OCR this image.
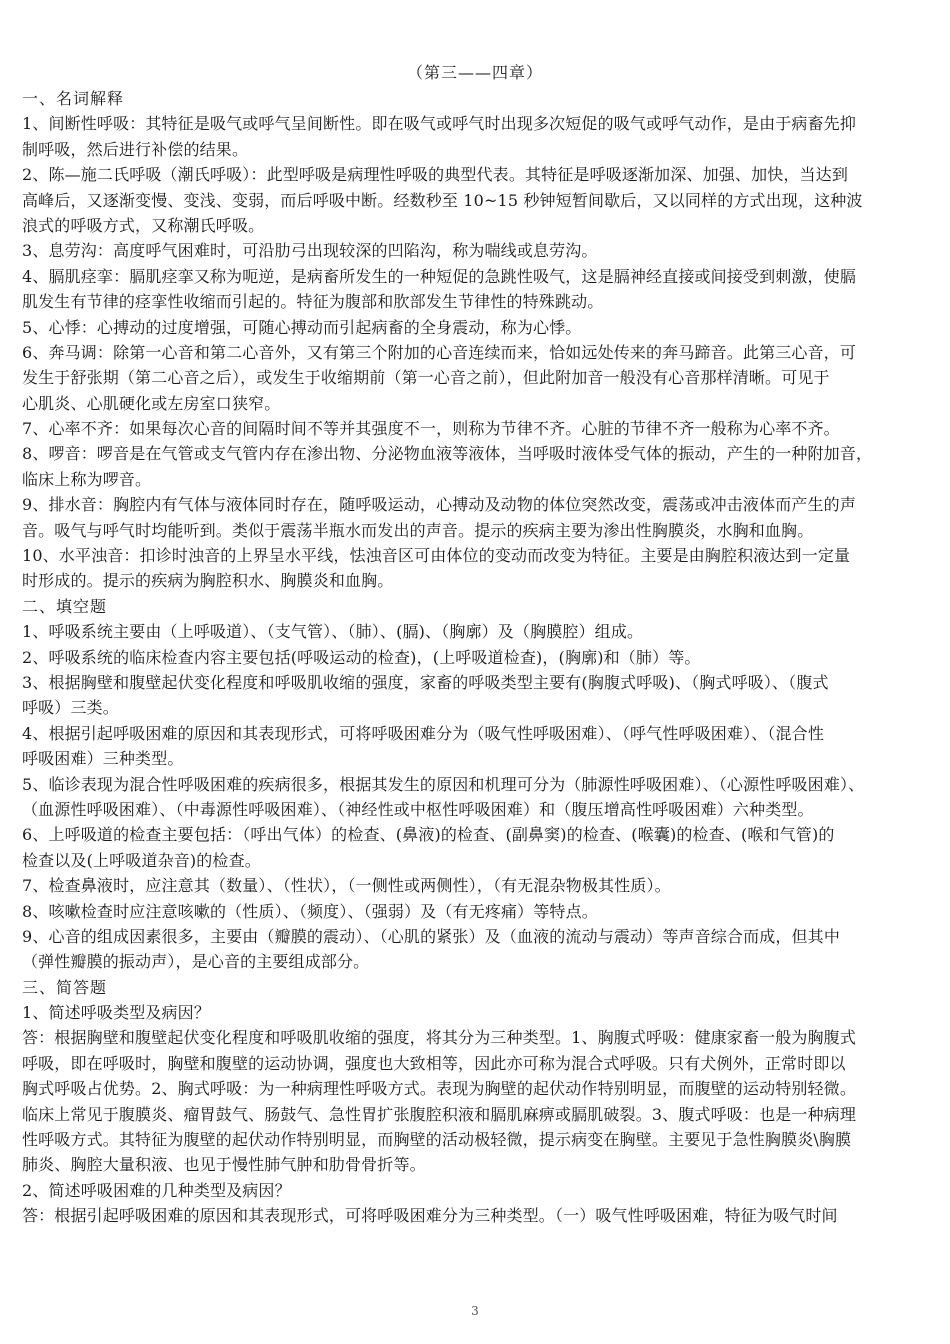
（第三——四章）
一、名词解释
1、间断性呼吸：其特征是吸气或呼气呈间断性。即在吸气或呼气时出现多次短促的吸气或呼气动作，是由于病畜先抑
制呼吸，然后进行补偿的结果。
2、陈—施二氏呼吸（潮氏呼吸）：此型呼吸是病理性呼吸的典型代表。其特征是呼吸逐渐加深、加强、加快，当达到
高峰后，又逐渐变慢、变浅、变弱，而后呼吸中断。经数秒至 10~15 秒钟短暂间歇后，又以同样的方式出现，这种波
浪式的呼吸方式，又称潮氏呼吸。
3、息劳沟：高度呼气困难时，可沿肋弓出现较深的凹陷沟，称为喘线或息劳沟。
4、膈肌痉挛：膈肌痉挛又称为呃逆，是病畜所发生的一种短促的急跳性吸气，这是膈神经直接或间接受到刺激，使膈
肌发生有节律的痉挛性收缩而引起的。特征为腹部和肷部发生节律性的特殊跳动。
5、心悸：心搏动的过度增强，可随心搏动而引起病畜的全身震动，称为心悸。
6、奔马调：除第一心音和第二心音外，又有第三个附加的心音连续而来，恰如远处传来的奔马蹄音。此第三心音，可
发生于舒张期（第二心音之后），或发生于收缩期前（第一心音之前），但此附加音一般没有心音那样清晰。可见于
心肌炎、心肌硬化或左房室口狭窄。
7、心率不齐：如果每次心音的间隔时间不等并其强度不一，则称为节律不齐。心脏的节律不齐一般称为心率不齐。
8、啰音：啰音是在气管或支气管内存在渗出物、分泌物血液等液体，当呼吸时液体受气体的振动，产生的一种附加音，
临床上称为啰音。
9、排水音：胸腔内有气体与液体同时存在，随呼吸运动，心搏动及动物的体位突然改变，震荡或冲击液体而产生的声
音。吸气与呼气时均能听到。类似于震荡半瓶水而发出的声音。提示的疾病主要为渗出性胸膜炎，水胸和血胸。
10、水平浊音：扣诊时浊音的上界呈水平线，怯浊音区可由体位的变动而改变为特征。主要是由胸腔积液达到一定量
时形成的。提示的疾病为胸腔积水、胸膜炎和血胸。
二、填空题
1、呼吸系统主要由（上呼吸道）、（支气管）、（肺）、(膈)、（胸廓）及（胸膜腔）组成。
2、呼吸系统的临床检查内容主要包括(呼吸运动的检查)，(上呼吸道检查)，(胸廓)和（肺）等。
3、根据胸壁和腹壁起伏变化程度和呼吸肌收缩的强度，家畜的呼吸类型主要有(胸腹式呼吸)、（胸式呼吸）、（腹式
呼吸）三类。
4、根据引起呼吸困难的原因和其表现形式，可将呼吸困难分为（吸气性呼吸困难）、（呼气性呼吸困难）、（混合性
呼吸困难）三种类型。
5、临诊表现为混合性呼吸困难的疾病很多，根据其发生的原因和机理可分为（肺源性呼吸困难）、（心源性呼吸困难）、
（血源性呼吸困难）、（中毒源性呼吸困难）、（神经性或中枢性呼吸困难）和（腹压增高性呼吸困难）六种类型。
6、上呼吸道的检查主要包括：（呼出气体）的检查、(鼻液)的检查、(副鼻窦)的检查、(喉囊)的检查、(喉和气管)的
检查以及(上呼吸道杂音)的检查。
7、检查鼻液时，应注意其（数量）、（性状），（一侧性或两侧性），（有无混杂物极其性质）。
8、咳嗽检查时应注意咳嗽的（性质）、（频度）、（强弱）及（有无疼痛）等特点。
9、心音的组成因素很多，主要由（瓣膜的震动）、（心肌的紧张）及（血液的流动与震动）等声音综合而成，但其中
（弹性瓣膜的振动声），是心音的主要组成部分。
三、简答题
1、简述呼吸类型及病因？
答：根据胸壁和腹壁起伏变化程度和呼吸肌收缩的强度，将其分为三种类型。1、胸腹式呼吸：健康家畜一般为胸腹式
呼吸，即在呼吸时，胸壁和腹壁的运动协调，强度也大致相等，因此亦可称为混合式呼吸。只有犬例外，正常时即以
胸式呼吸占优势。2、胸式呼吸：为一种病理性呼吸方式。表现为胸壁的起伏动作特别明显，而腹壁的运动特别轻微。
临床上常见于腹膜炎、瘤胃鼓气、肠鼓气、急性胃扩张腹腔积液和膈肌麻痹或膈肌破裂。3、腹式呼吸：也是一种病理
性呼吸方式。其特征为腹壁的起伏动作特别明显，而胸壁的活动极轻微，提示病变在胸壁。主要见于急性胸膜炎\胸膜
肺炎、胸腔大量积液、也见于慢性肺气肿和肋骨骨折等。
2、简述呼吸困难的几种类型及病因？
答：根据引起呼吸困难的原因和其表现形式，可将呼吸困难分为三种类型。（一）吸气性呼吸困难，特征为吸气时间
3
